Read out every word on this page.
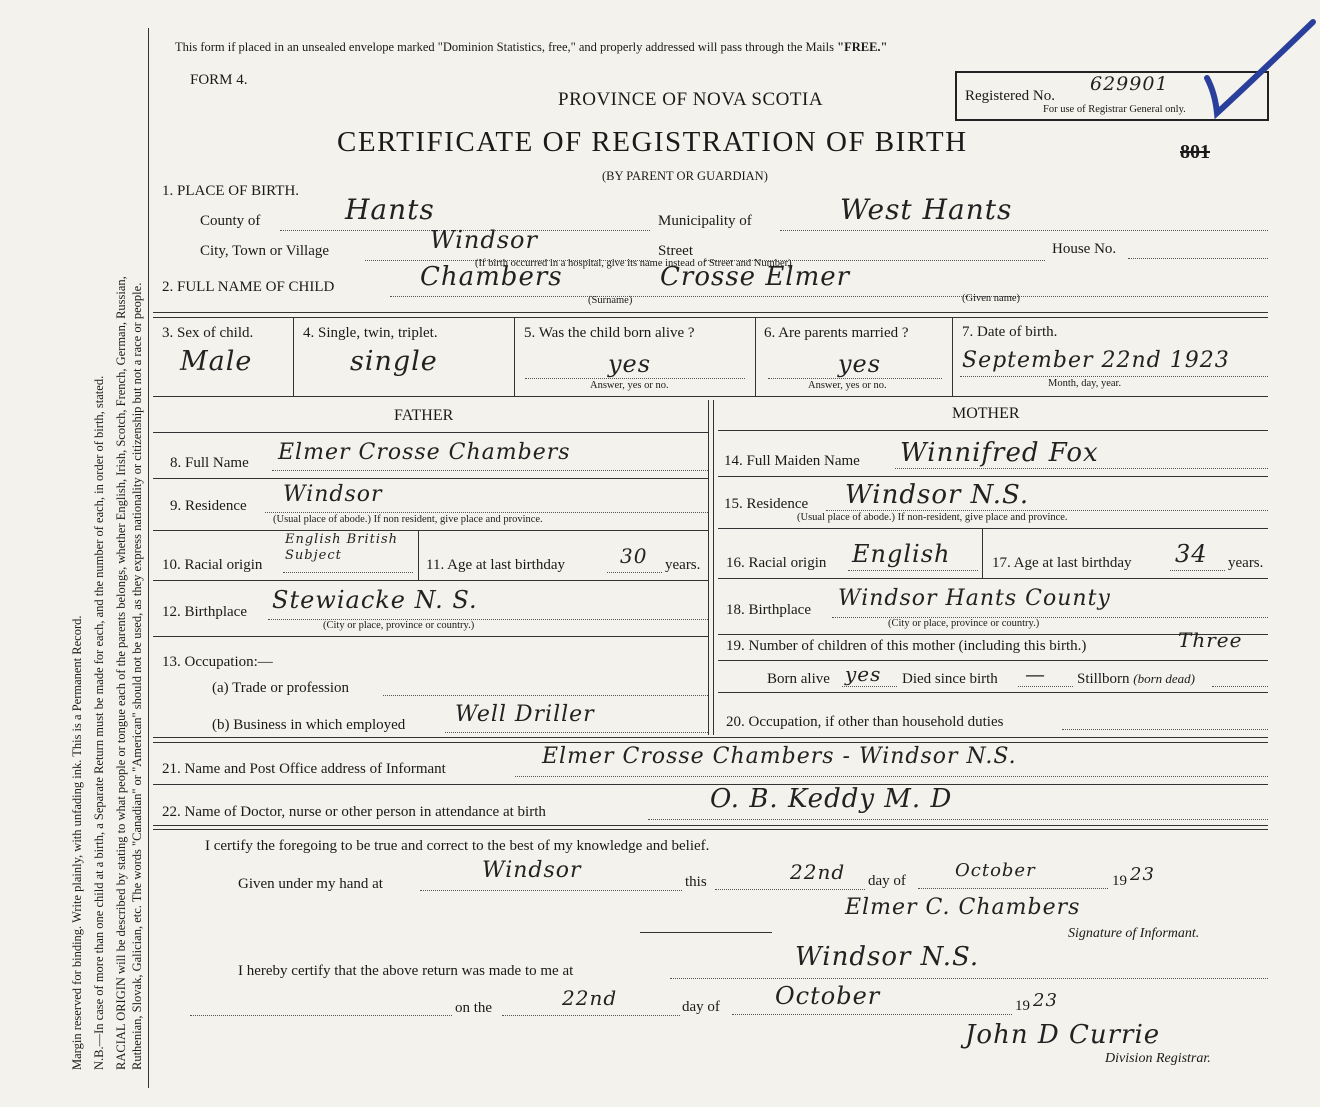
Margin reserved for binding. Write plainly, with unfading ink. This is a Permanent Record. N.B.—In case of more than one child at a birth, a Separate Return must be made for each, and the number of each, in order of birth, stated. RACIAL ORIGIN will be described by stating to what people or tongue each of the parents belongs, whether English, Irish, Scotch, French, German, Russian, Ruthenian, Slovak, Galician, etc. The words "Canadian" or "American" should not be used, as they express nationality or citizenship but not a race or people.
This form if placed in an unsealed envelope marked "Dominion Statistics, free," and properly addressed will pass through the Mails "FREE."
FORM 4.
PROVINCE OF NOVA SCOTIA	Registered No.
629901
For use of Registrar General only.
CERTIFICATE OF REGISTRATION OF BIRTH	801
(BY PARENT OR GUARDIAN)
1. PLACE OF BIRTH.
County of	Hants	Municipality of	West Hants
City, Town or Village	Windsor	Street	House No.
(If birth occurred in a hospital, give its name instead of Street and Number)
2. FULL NAME OF CHILD	Chambers	Crosse Elmer
(Surname)	(Given name)
3. Sex of child.
Male
4. Single, twin, triplet.
single
5. Was the child born alive ?
yes
Answer, yes or no.
6. Are parents married ?
yes
Answer, yes or no.
7. Date of birth.
September 22nd 1923
Month, day, year.
FATHER	MOTHER
8. Full Name Elmer Crosse Chambers	14. Full Maiden Name Winnifred Fox
9. Residence Windsor
(Usual place of abode.) If non resident, give place and province.
15. Residence Windsor N.S.
(Usual place of abode.) If non-resident, give place and province.
10. Racial origin
English British Subject
11. Age at last birthday	30 years. 16. Racial origin English	17. Age at last birthday 34 years.
12. Birthplace Stewiacke N. S.
(City or place, province or country.)
18. Birthplace Windsor Hants County
(City or place, province or country.)
13. Occupation:—
(a) Trade or profession
(b) Business in which employed Well Driller
19. Number of children of this mother (including this birth.)	Three
Born alive yes Died since birth — Stillborn (born dead)
20. Occupation, if other than household duties
21. Name and Post Office address of Informant	Elmer Crosse Chambers - Windsor N.S.
22. Name of Doctor, nurse or other person in attendance at birth	O. B. Keddy M. D
I certify the foregoing to be true and correct to the best of my knowledge and belief.
Given under my hand at
Windsor	this	22nd day of	October	19 23
Elmer C. Chambers
Signature of Informant.
I hereby certify that the above return was made to me at	Windsor N.S.
on the	22nd	day of October	19 23
John D Currie
Division Registrar.
